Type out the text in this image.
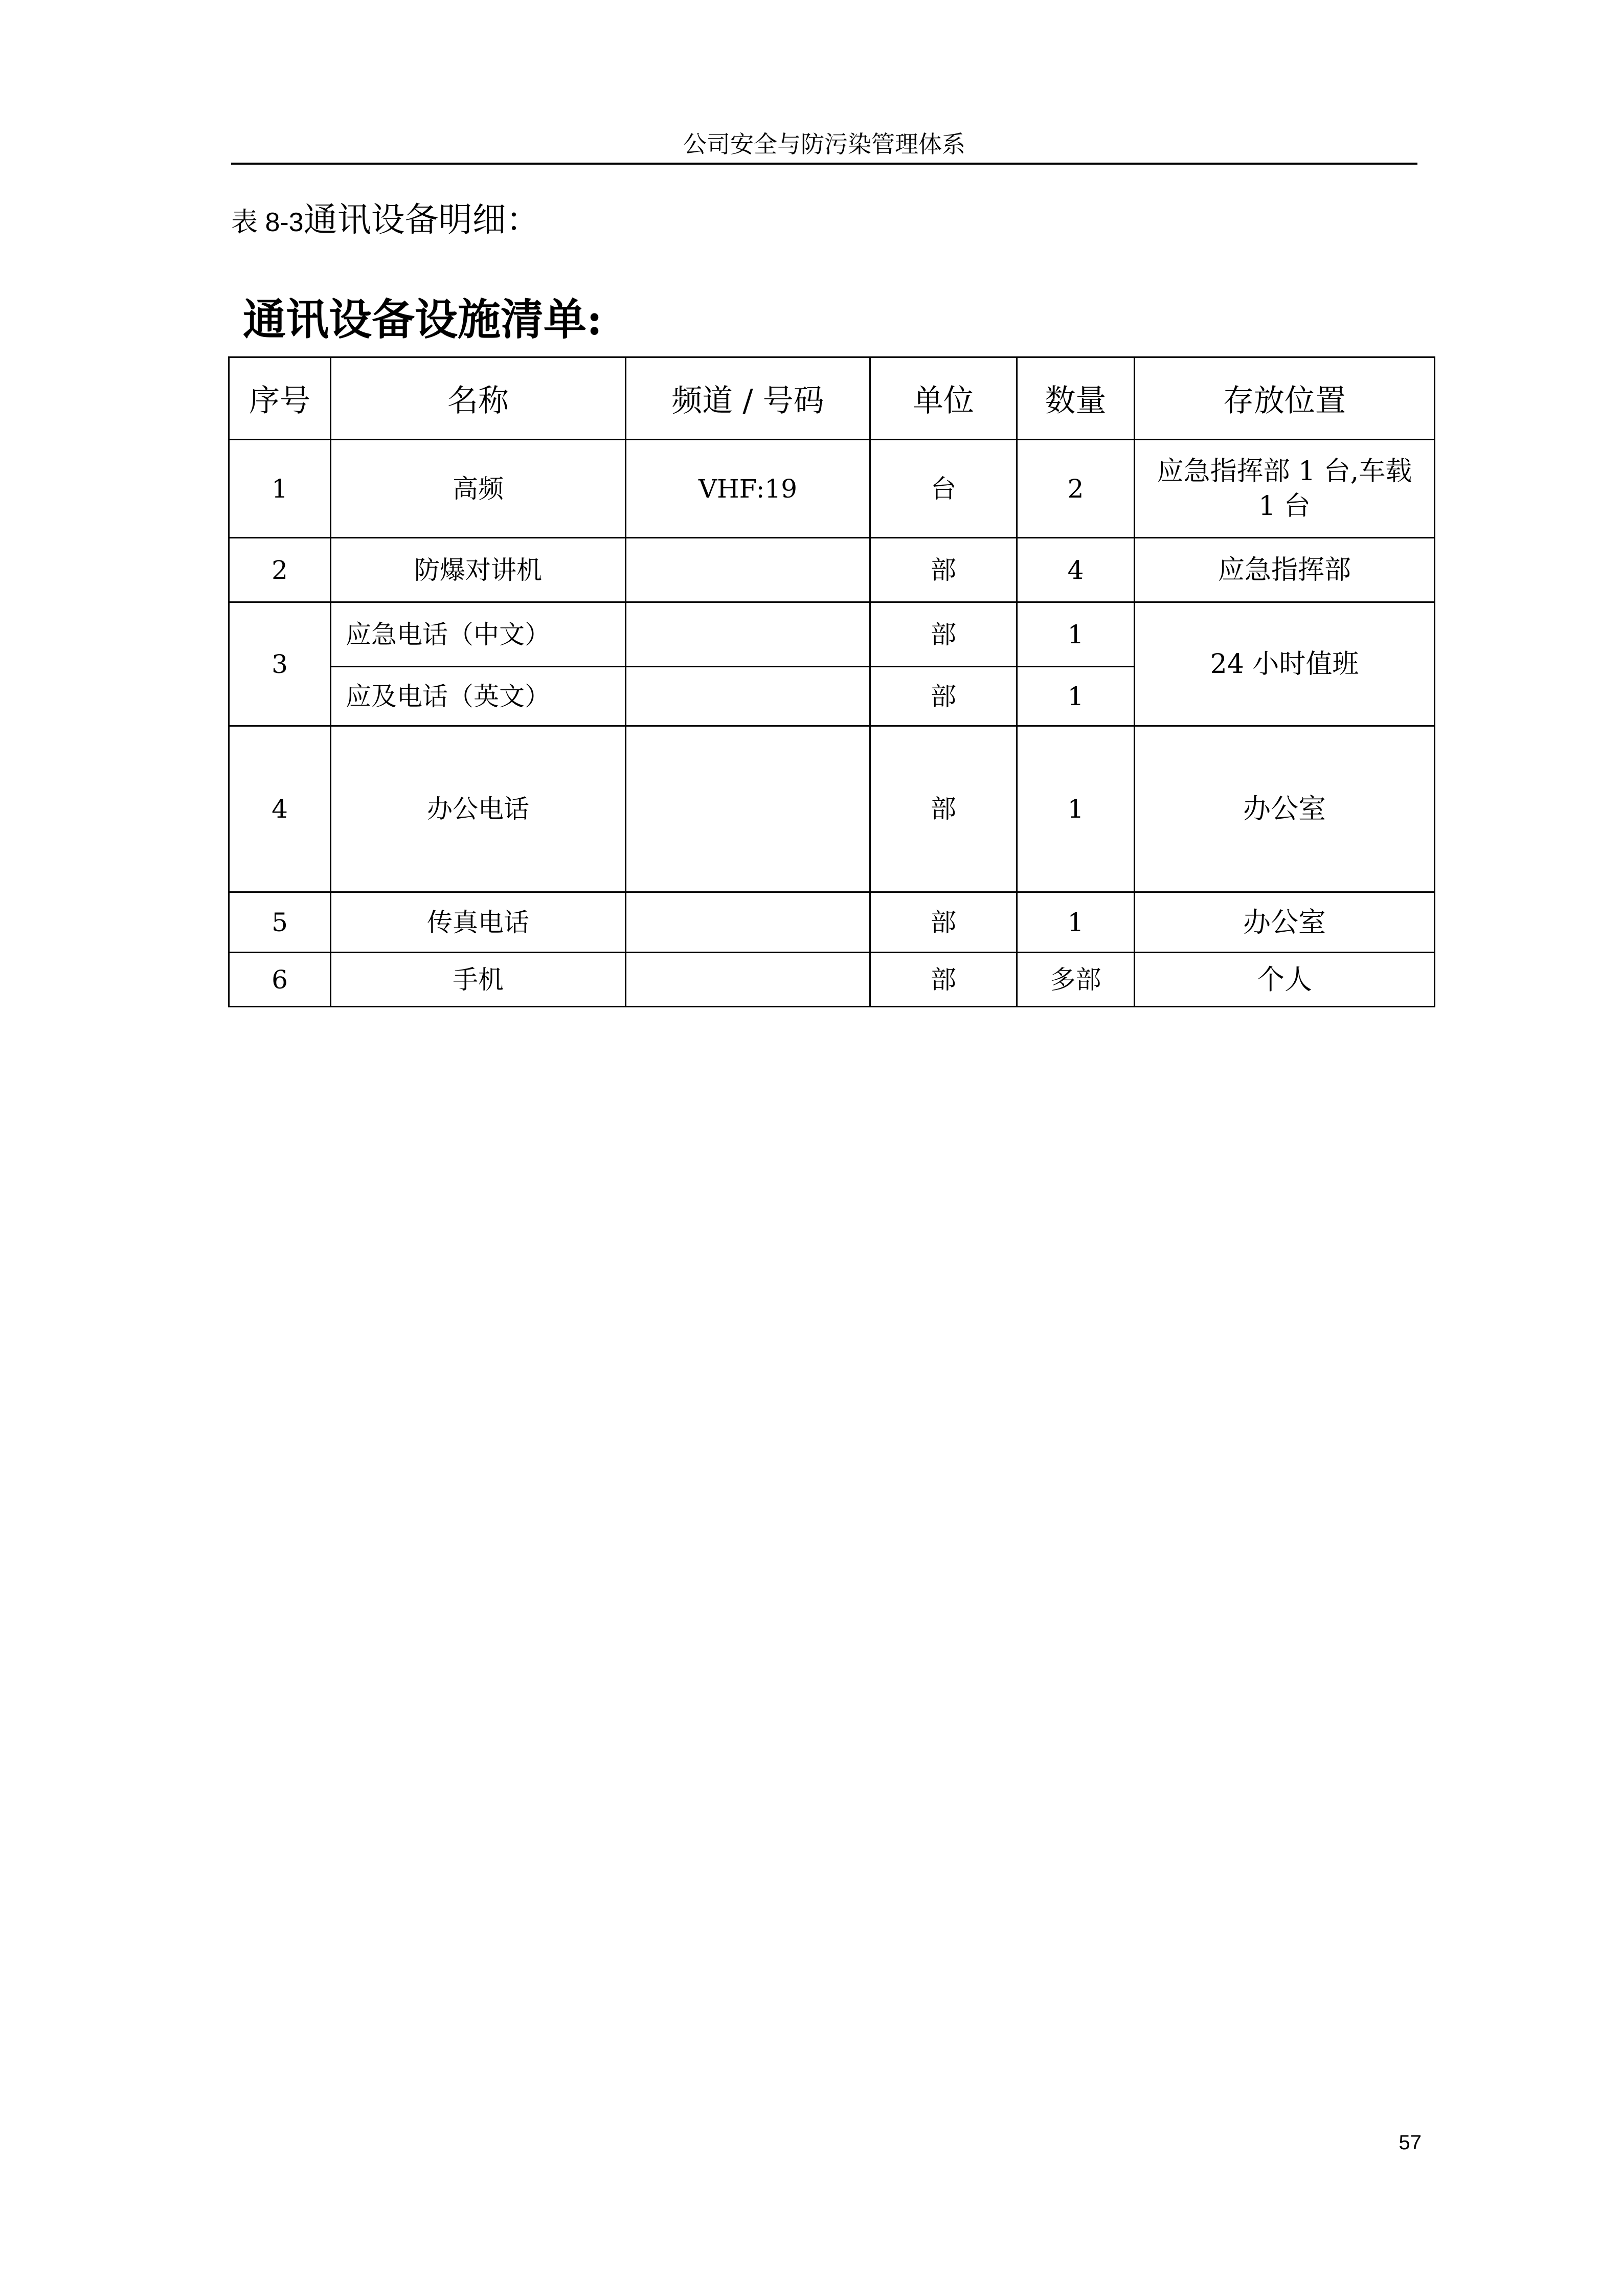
公司安全与防污染管理体系
表 8-3通讯设备明细：
通讯设备设施清单:
序号	名称	频道 / 号码	单位	数量	存放位置
1	高频	VHF:19	台	2	应急指挥部 1 台,车载 1 台
2	防爆对讲机		部	4	应急指挥部
3	应急电话（中文）		部	1	24 小时值班
	应及电话（英文）		部	1	
4	办公电话		部	1	办公室
5	传真电话		部	1	办公室
6	手机		部	多部	个人
57
